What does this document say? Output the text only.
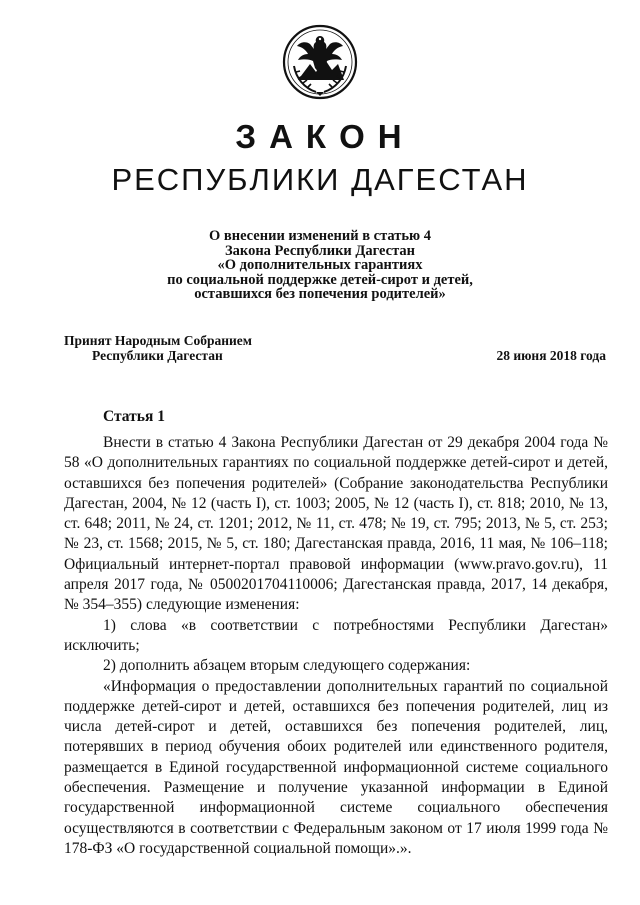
ЗАКОН
РЕСПУБЛИКИ ДАГЕСТАН
О внесении изменений в статью 4
Закона Республики Дагестан
«О дополнительных гарантиях
по социальной поддержке детей-сирот и детей,
оставшихся без попечения родителей»
Принят Народным Собранием
Республики Дагестан	28 июня 2018 года
Статья 1

Внести в статью 4 Закона Республики Дагестан от 29 декабря 2004 года № 58 «О дополнительных гарантиях по социальной поддержке детей-сирот и детей, оставшихся без попечения родителей» (Собрание законодательства Республики Дагестан, 2004, № 12 (часть I), ст. 1003; 2005, № 12 (часть I), ст. 818; 2010, № 13, ст. 648; 2011, № 24, ст. 1201; 2012, № 11, ст. 478; № 19, ст. 795; 2013, № 5, ст. 253; № 23, ст. 1568; 2015, № 5, ст. 180; Дагестанская правда, 2016, 11 мая, № 106–118; Официальный интернет-портал правовой информации (www.pravo.gov.ru), 11 апреля 2017 года, № 0500201704110006; Дагестанская правда, 2017, 14 декабря, № 354–355) следующие изменения:

1) слова «в соответствии с потребностями Республики Дагестан» исключить;

2) дополнить абзацем вторым следующего содержания:

«Информация о предоставлении дополнительных гарантий по социальной поддержке детей-сирот и детей, оставшихся без попечения родителей, лиц из числа детей-сирот и детей, оставшихся без попечения родителей, лиц, потерявших в период обучения обоих родителей или единственного родителя, размещается в Единой государственной информационной системе социального обеспечения. Размещение и получение указанной информации в Единой государственной информационной системе социального обеспечения осуществляются в соответствии с Федеральным законом от 17 июля 1999 года № 178-ФЗ «О государственной социальной помощи».».
